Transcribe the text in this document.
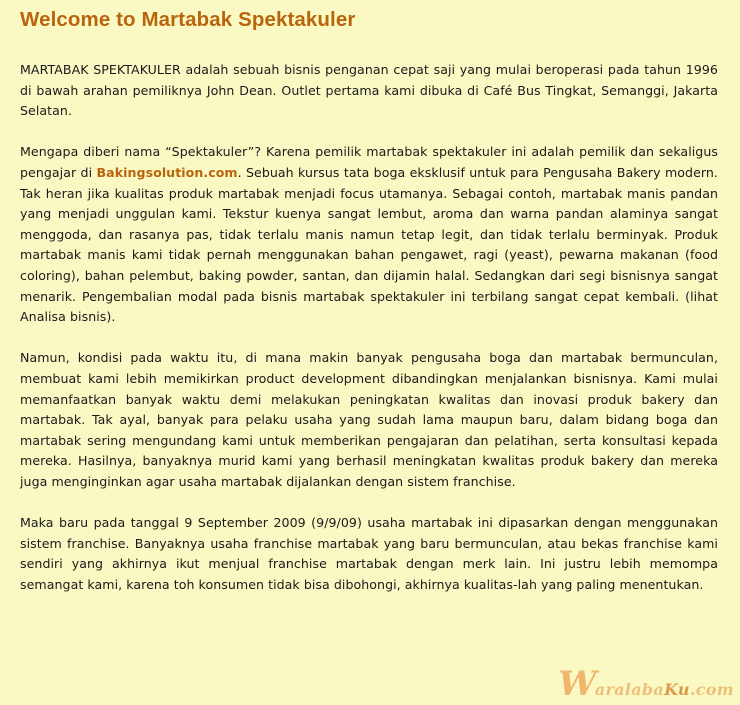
Welcome to Martabak Spektakuler

MARTABAK SPEKTAKULER adalah sebuah bisnis penganan cepat saji yang mulai beroperasi pada tahun 1996 di bawah arahan pemiliknya John Dean. Outlet pertama kami dibuka di Café Bus Tingkat, Semanggi, Jakarta Selatan.

Mengapa diberi nama “Spektakuler”? Karena pemilik martabak spektakuler ini adalah pemilik dan sekaligus pengajar di Bakingsolution.com. Sebuah kursus tata boga eksklusif untuk para Pengusaha Bakery modern. Tak heran jika kualitas produk martabak menjadi focus utamanya. Sebagai contoh, martabak manis pandan yang menjadi unggulan kami. Tekstur kuenya sangat lembut, aroma dan warna pandan alaminya sangat menggoda, dan rasanya pas, tidak terlalu manis namun tetap legit, dan tidak terlalu berminyak. Produk martabak manis kami tidak pernah menggunakan bahan pengawet, ragi (yeast), pewarna makanan (food coloring), bahan pelembut, baking powder, santan, dan dijamin halal. Sedangkan dari segi bisnisnya sangat menarik. Pengembalian modal pada bisnis martabak spektakuler ini terbilang sangat cepat kembali. (lihat Analisa bisnis).

Namun, kondisi pada waktu itu, di mana makin banyak pengusaha boga dan martabak bermunculan, membuat kami lebih memikirkan product development dibandingkan menjalankan bisnisnya. Kami mulai memanfaatkan banyak waktu demi melakukan peningkatan kwalitas dan inovasi produk bakery dan martabak. Tak ayal, banyak para pelaku usaha yang sudah lama maupun baru, dalam bidang boga dan martabak sering mengundang kami untuk memberikan pengajaran dan pelatihan, serta konsultasi kepada mereka. Hasilnya, banyaknya murid kami yang berhasil meningkatan kwalitas produk bakery dan mereka juga menginginkan agar usaha martabak dijalankan dengan sistem franchise.

Maka baru pada tanggal 9 September 2009 (9/9/09) usaha martabak ini dipasarkan dengan menggunakan sistem franchise. Banyaknya usaha franchise martabak yang baru bermunculan, atau bekas franchise kami sendiri yang akhirnya ikut menjual franchise martabak dengan merk lain. Ini justru lebih memompa semangat kami, karena toh konsumen tidak bisa dibohongi, akhirnya kualitas-lah yang paling menentukan.

W
aralaba Ku .com
